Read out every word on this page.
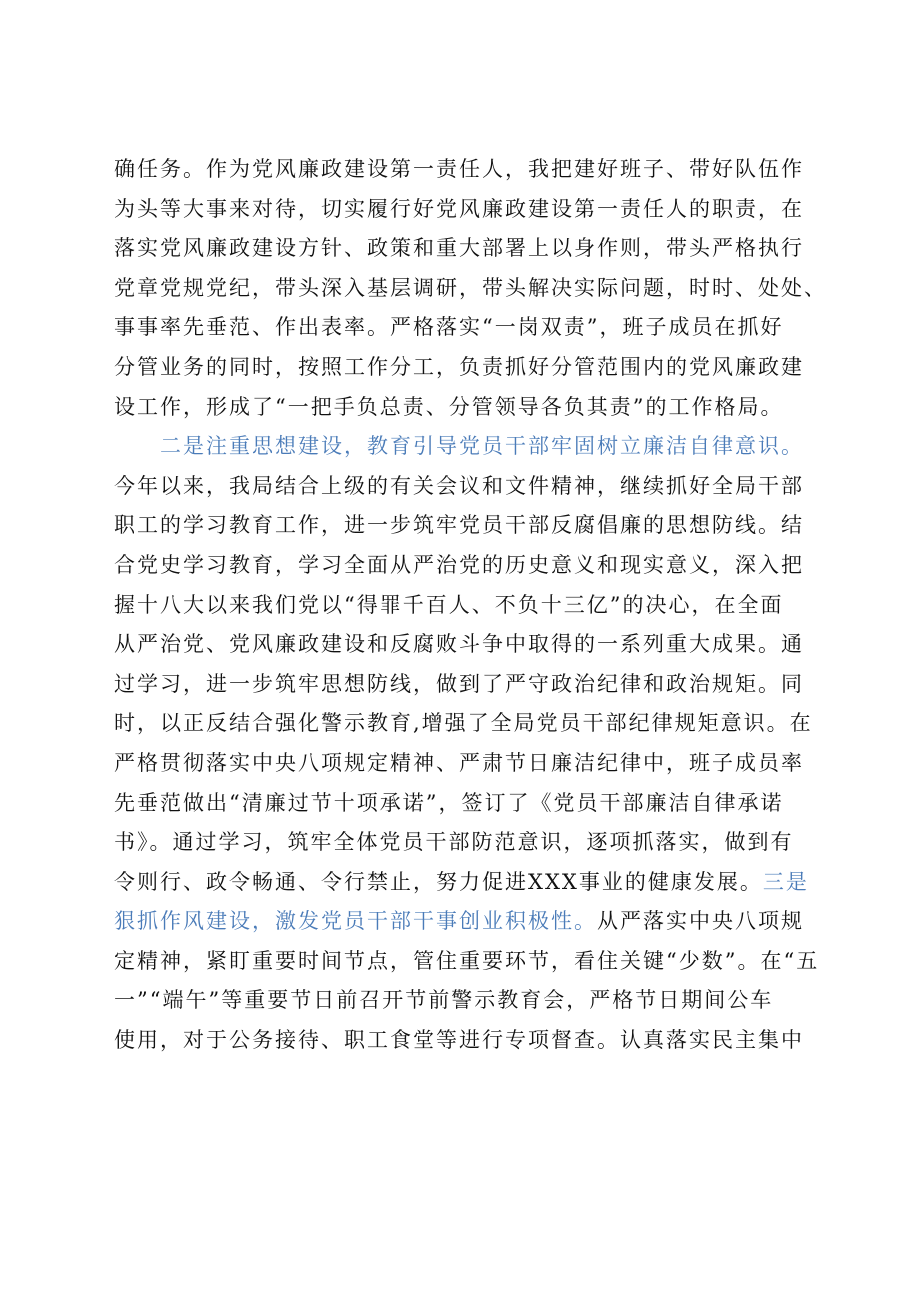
确任务。作为党风廉政建设第一责任人，我把建好班子、带好队伍作
为头等大事来对待，切实履行好党风廉政建设第一责任人的职责，在
落实党风廉政建设方针、政策和重大部署上以身作则，带头严格执行
党章党规党纪，带头深入基层调研，带头解决实际问题，时时、处处、
事事率先垂范、作出表率。严格落实“一岗双责”，班子成员在抓好
分管业务的同时，按照工作分工，负责抓好分管范围内的党风廉政建
设工作，形成了“一把手负总责、分管领导各负其责”的工作格局。
二是注重思想建设，教育引导党员干部牢固树立廉洁自律意识。
今年以来，我局结合上级的有关会议和文件精神，继续抓好全局干部
职工的学习教育工作，进一步筑牢党员干部反腐倡廉的思想防线。结
合党史学习教育，学习全面从严治党的历史意义和现实意义，深入把
握十八大以来我们党以“得罪千百人、不负十三亿”的决心，在全面
从严治党、党风廉政建设和反腐败斗争中取得的一系列重大成果。通
过学习，进一步筑牢思想防线，做到了严守政治纪律和政治规矩。同
时，以正反结合强化警示教育,增强了全局党员干部纪律规矩意识。在
严格贯彻落实中央八项规定精神、严肃节日廉洁纪律中，班子成员率
先垂范做出“清廉过节十项承诺”，签订了《党员干部廉洁自律承诺
书》。通过学习，筑牢全体党员干部防范意识，逐项抓落实，做到有
令则行、政令畅通、令行禁止，努力促进XXX事业的健康发展。三是
狠抓作风建设，激发党员干部干事创业积极性。从严落实中央八项规
定精神，紧盯重要时间节点，管住重要环节，看住关键“少数”。在“五
一”“端午”等重要节日前召开节前警示教育会，严格节日期间公车
使用，对于公务接待、职工食堂等进行专项督查。认真落实民主集中
